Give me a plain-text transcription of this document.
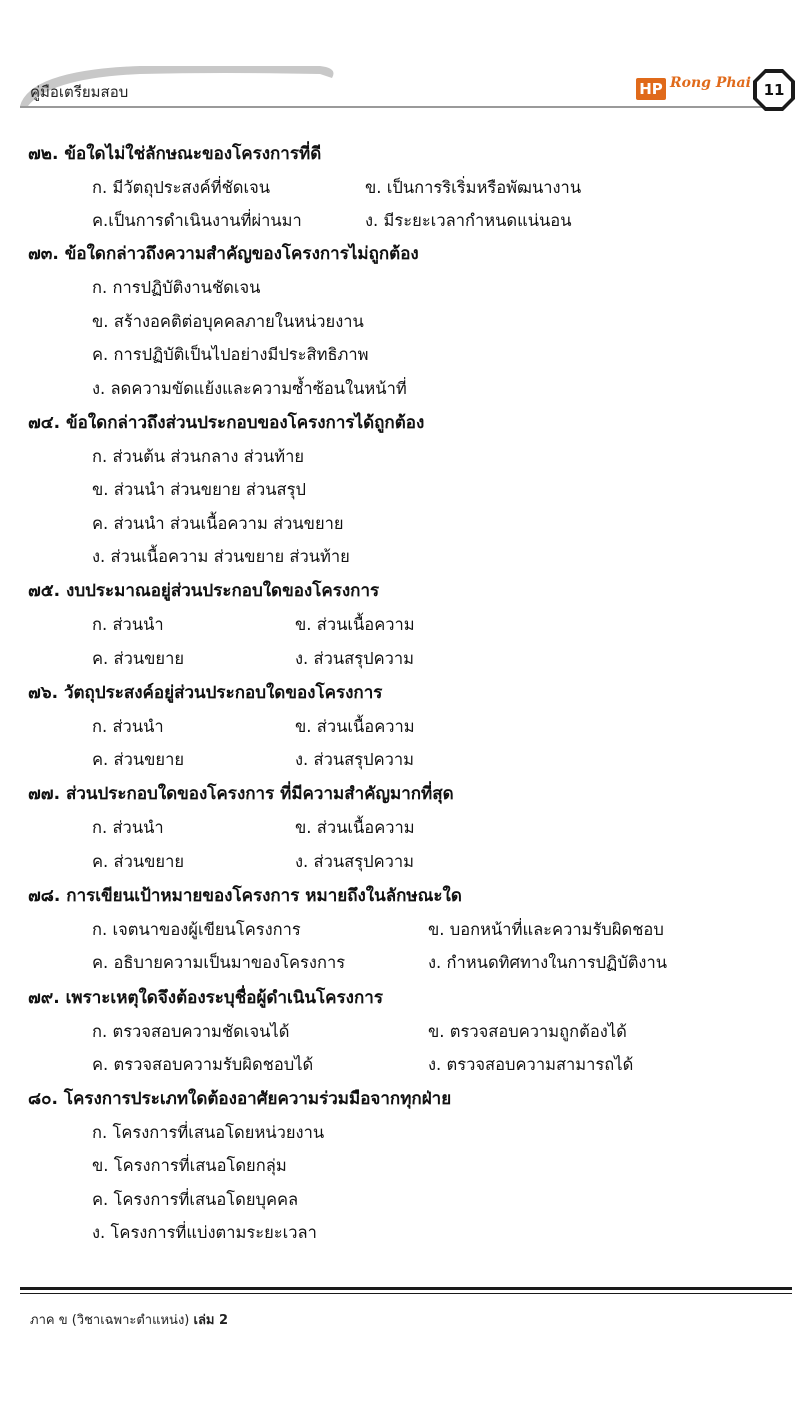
คู่มือเตรียมสอบ	HP Rong Phai 11
๗๒. ข้อใดไม่ใช่ลักษณะของโครงการที่ดี
ก. มีวัตถุประสงค์ที่ชัดเจน	ข. เป็นการริเริ่มหรือพัฒนางาน
ค.เป็นการดำเนินงานที่ผ่านมา	ง. มีระยะเวลากำหนดแน่นอน
๗๓. ข้อใดกล่าวถึงความสำคัญของโครงการไม่ถูกต้อง
ก. การปฏิบัติงานชัดเจน
ข. สร้างอคติต่อบุคคลภายในหน่วยงาน
ค. การปฏิบัติเป็นไปอย่างมีประสิทธิภาพ
ง. ลดความขัดแย้งและความซ้ำซ้อนในหน้าที่
๗๔. ข้อใดกล่าวถึงส่วนประกอบของโครงการได้ถูกต้อง
ก. ส่วนต้น ส่วนกลาง ส่วนท้าย
ข. ส่วนนำ ส่วนขยาย ส่วนสรุป
ค. ส่วนนำ ส่วนเนื้อความ ส่วนขยาย
ง. ส่วนเนื้อความ ส่วนขยาย ส่วนท้าย
๗๕. งบประมาณอยู่ส่วนประกอบใดของโครงการ
ก. ส่วนนำ	ข. ส่วนเนื้อความ
ค. ส่วนขยาย	ง. ส่วนสรุปความ
๗๖. วัตถุประสงค์อยู่ส่วนประกอบใดของโครงการ
ก. ส่วนนำ	ข. ส่วนเนื้อความ
ค. ส่วนขยาย	ง. ส่วนสรุปความ
๗๗. ส่วนประกอบใดของโครงการ ที่มีความสำคัญมากที่สุด
ก. ส่วนนำ	ข. ส่วนเนื้อความ
ค. ส่วนขยาย	ง. ส่วนสรุปความ
๗๘. การเขียนเป้าหมายของโครงการ หมายถึงในลักษณะใด
ก. เจตนาของผู้เขียนโครงการ	ข. บอกหน้าที่และความรับผิดชอบ
ค. อธิบายความเป็นมาของโครงการ	ง. กำหนดทิศทางในการปฏิบัติงาน
๗๙. เพราะเหตุใดจึงต้องระบุชื่อผู้ดำเนินโครงการ
ก. ตรวจสอบความชัดเจนได้	ข. ตรวจสอบความถูกต้องได้
ค. ตรวจสอบความรับผิดชอบได้	ง. ตรวจสอบความสามารถได้
๘๐. โครงการประเภทใดต้องอาศัยความร่วมมือจากทุกฝ่าย
ก. โครงการที่เสนอโดยหน่วยงาน
ข. โครงการที่เสนอโดยกลุ่ม
ค. โครงการที่เสนอโดยบุคคล
ง. โครงการที่แบ่งตามระยะเวลา
ภาค ข (วิชาเฉพาะตำแหน่ง) เล่ม 2
